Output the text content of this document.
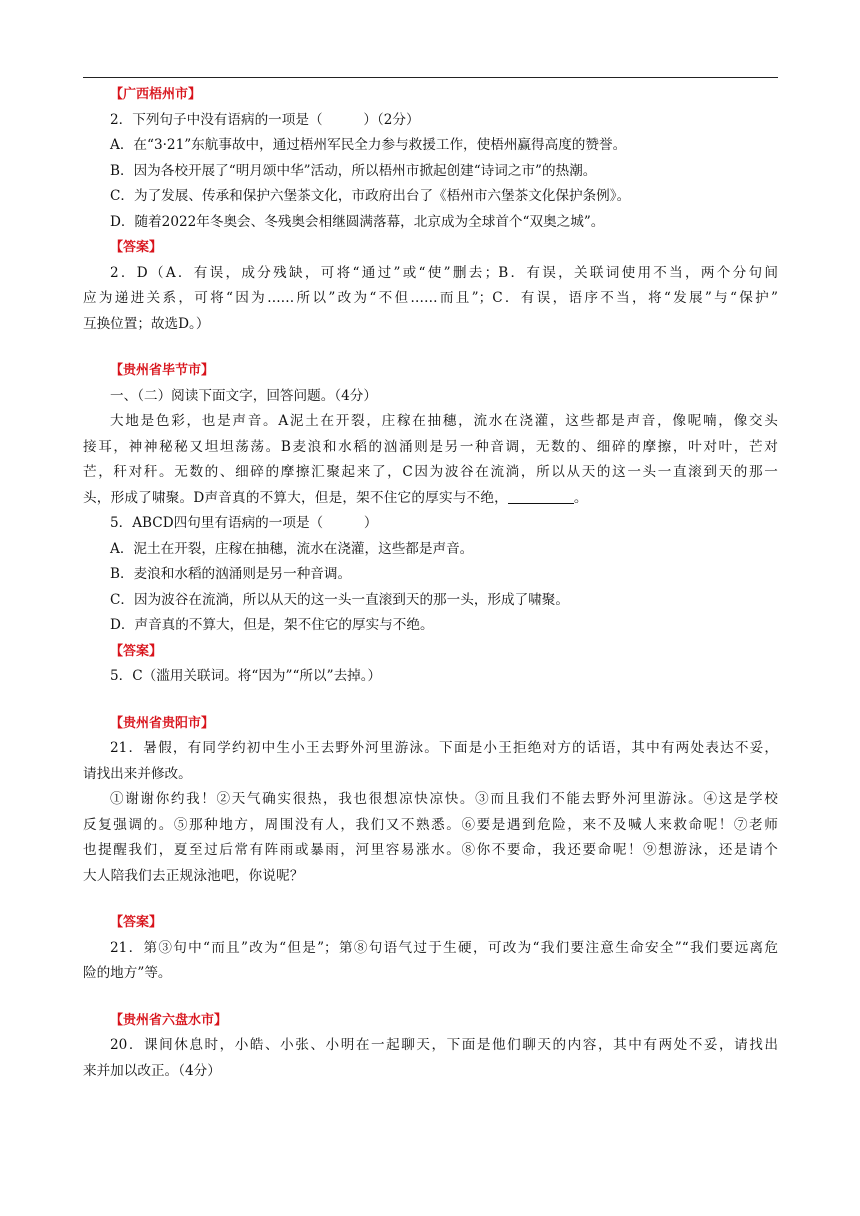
【广西梧州市】
2．下列句子中没有语病的一项是（　　　）（2分）
A．在“3·21”东航事故中，通过梧州军民全力参与救援工作，使梧州赢得高度的赞誉。
B．因为各校开展了“明月颂中华”活动，所以梧州市掀起创建“诗词之市”的热潮。
C．为了发展、传承和保护六堡茶文化，市政府出台了《梧州市六堡茶文化保护条例》。
D．随着2022年冬奥会、冬残奥会相继圆满落幕，北京成为全球首个“双奥之城”。
【答案】
2．D（A．有误，成分残缺，可将“通过”或“使”删去；B．有误，关联词使用不当，两个分句间
应为递进关系，可将“因为……所以”改为“不但……而且”；C．有误，语序不当，将“发展”与“保护”
互换位置；故选D。）
【贵州省毕节市】
一、（二）阅读下面文字，回答问题。（4分）
大地是色彩，也是声音。A泥土在开裂，庄稼在抽穗，流水在浇灌，这些都是声音，像呢喃，像交头
接耳，神神秘秘又坦坦荡荡。B麦浪和水稻的汹涌则是另一种音调，无数的、细碎的摩擦，叶对叶，芒对
芒，秆对秆。无数的、细碎的摩擦汇聚起来了，C因为波谷在流淌，所以从天的这一头一直滚到天的那一
头，形成了啸聚。D声音真的不算大，但是，架不住它的厚实与不绝，	。
5．ABCD四句里有语病的一项是（　　　）
A．泥土在开裂，庄稼在抽穗，流水在浇灌，这些都是声音。
B．麦浪和水稻的汹涌则是另一种音调。
C．因为波谷在流淌，所以从天的这一头一直滚到天的那一头，形成了啸聚。
D．声音真的不算大，但是，架不住它的厚实与不绝。
【答案】
5．C（滥用关联词。将“因为”“所以”去掉。）
【贵州省贵阳市】
21．暑假，有同学约初中生小王去野外河里游泳。下面是小王拒绝对方的话语，其中有两处表达不妥，
请找出来并修改。
①谢谢你约我！②天气确实很热，我也很想凉快凉快。③而且我们不能去野外河里游泳。④这是学校
反复强调的。⑤那种地方，周围没有人，我们又不熟悉。⑥要是遇到危险，来不及喊人来救命呢！⑦老师
也提醒我们，夏至过后常有阵雨或暴雨，河里容易涨水。⑧你不要命，我还要命呢！⑨想游泳，还是请个
大人陪我们去正规泳池吧，你说呢？
【答案】
21．第③句中“而且”改为“但是”；第⑧句语气过于生硬，可改为“我们要注意生命安全”“我们要远离危
险的地方”等。
【贵州省六盘水市】
20．课间休息时，小皓、小张、小明在一起聊天，下面是他们聊天的内容，其中有两处不妥，请找出
来并加以改正。（4分）
